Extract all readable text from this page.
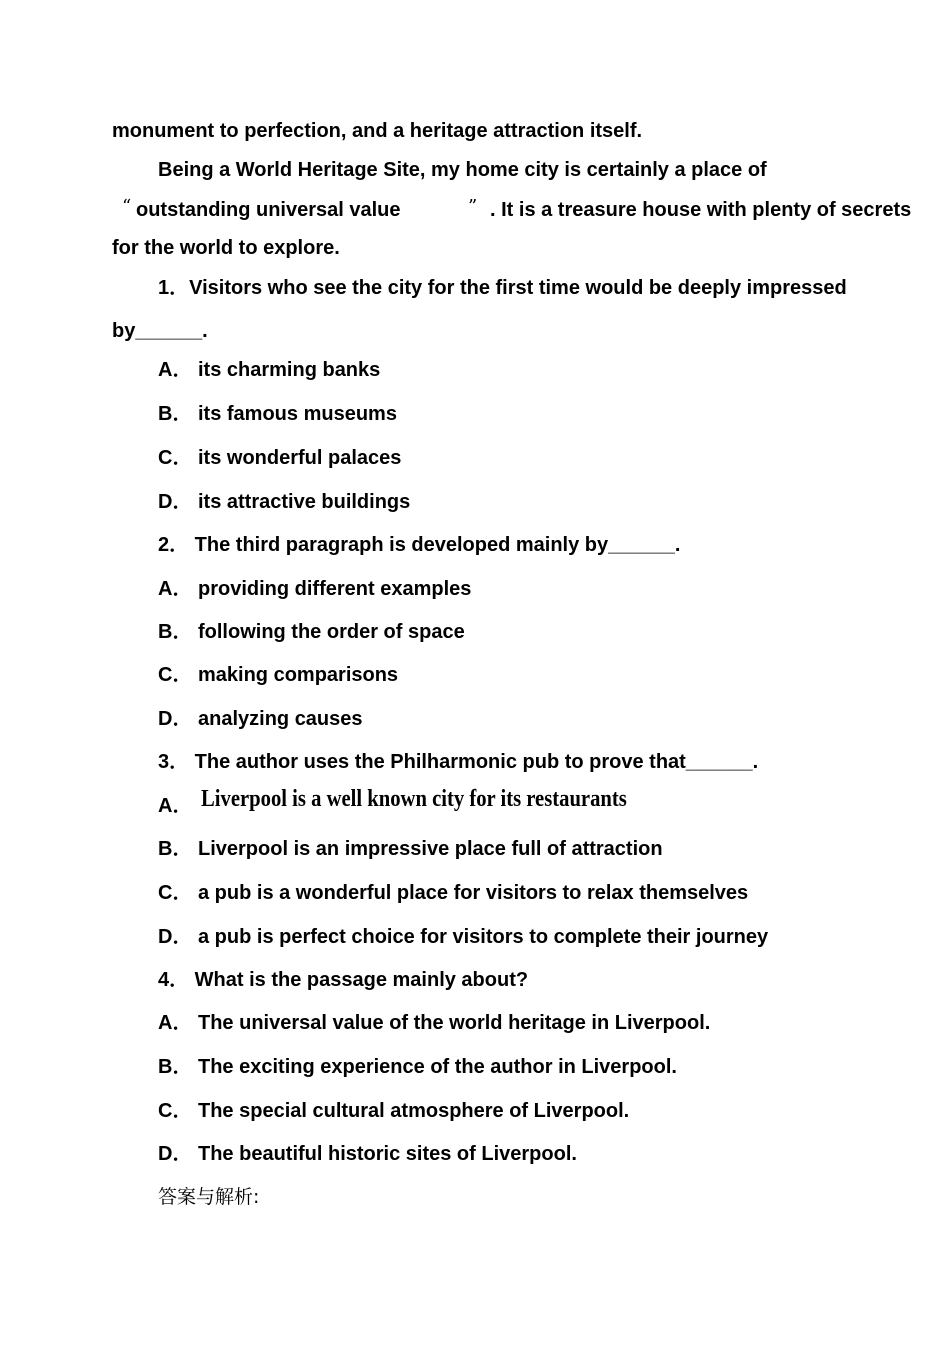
monument to perfection, and a heritage attraction itself.
Being a World Heritage Site, my home city is certainly a place of
“ outstanding universal value	” . It is a treasure house with plenty of secrets
for the world to explore.
1．Visitors who see the city for the first time would be deeply impressed
by______.
A． its charming banks
B． its famous museums
C． its wonderful palaces
D． its attractive buildings
2． The third paragraph is developed mainly by______.
A． providing different examples
B． following the order of space
C． making comparisons
D． analyzing causes
3． The author uses the Philharmonic pub to prove that______.
A． Liverpool is a well known city for its restaurants
B． Liverpool is an impressive place full of attraction
C． a pub is a wonderful place for visitors to relax themselves
D． a pub is perfect choice for visitors to complete their journey
4． What is the passage mainly about?
A． The universal value of the world heritage in Liverpool.
B． The exciting experience of the author in Liverpool.
C． The special cultural atmosphere of Liverpool.
D． The beautiful historic sites of Liverpool.
答案与解析:
